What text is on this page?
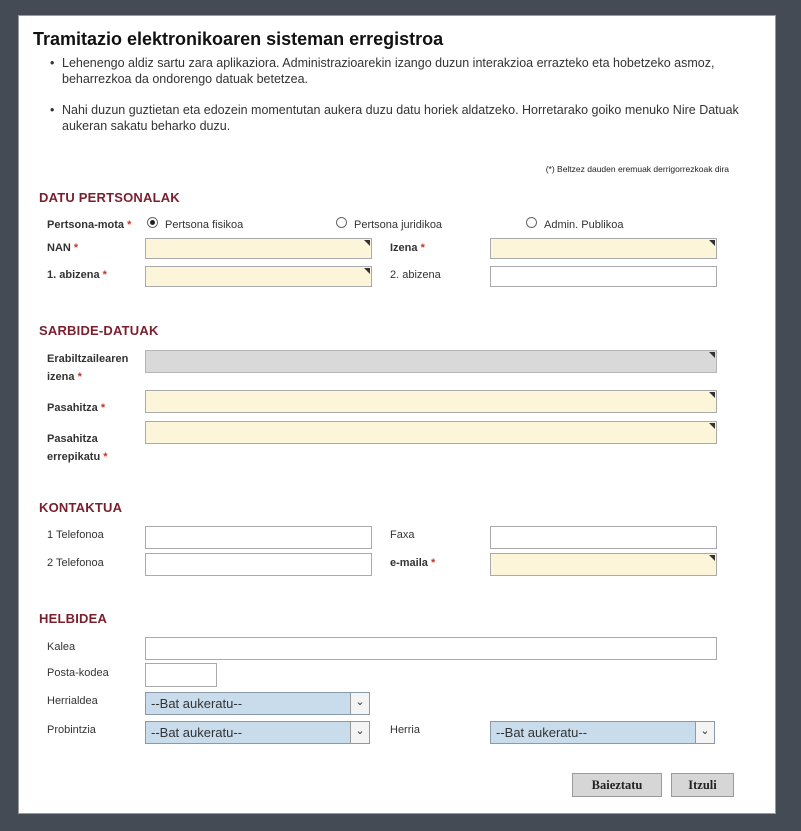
Tramitazio elektronikoaren sisteman erregistroa
• Lehenengo aldiz sartu zara aplikaziora. Administrazioarekin izango duzun interakzioa errazteko eta hobetzeko asmoz, beharrezkoa da ondorengo datuak betetzea.
• Nahi duzun guztietan eta edozein momentutan aukera duzu datu horiek aldatzeko. Horretarako goiko menuko Nire Datuak aukeran sakatu beharko duzu.
(*) Beltzez dauden eremuak derrigorrezkoak dira
DATU PERTSONALAK
Pertsona-mota *	Pertsona fisikoa	Pertsona juridikoa	Admin. Publikoa
NAN *	Izena *
1. abizena *	2. abizena
SARBIDE-DATUAK
Erabiltzailearen
izena *
Pasahitza *
Pasahitza
errepikatu *
KONTAKTUA
1 Telefonoa	Faxa
2 Telefonoa	e-maila *
HELBIDEA
Kalea
Posta-kodea
Herrialdea	--Bat aukeratu--	⌄
Probintzia	--Bat aukeratu--	⌄	Herria	--Bat aukeratu--	⌄
Baieztatu	Itzuli
